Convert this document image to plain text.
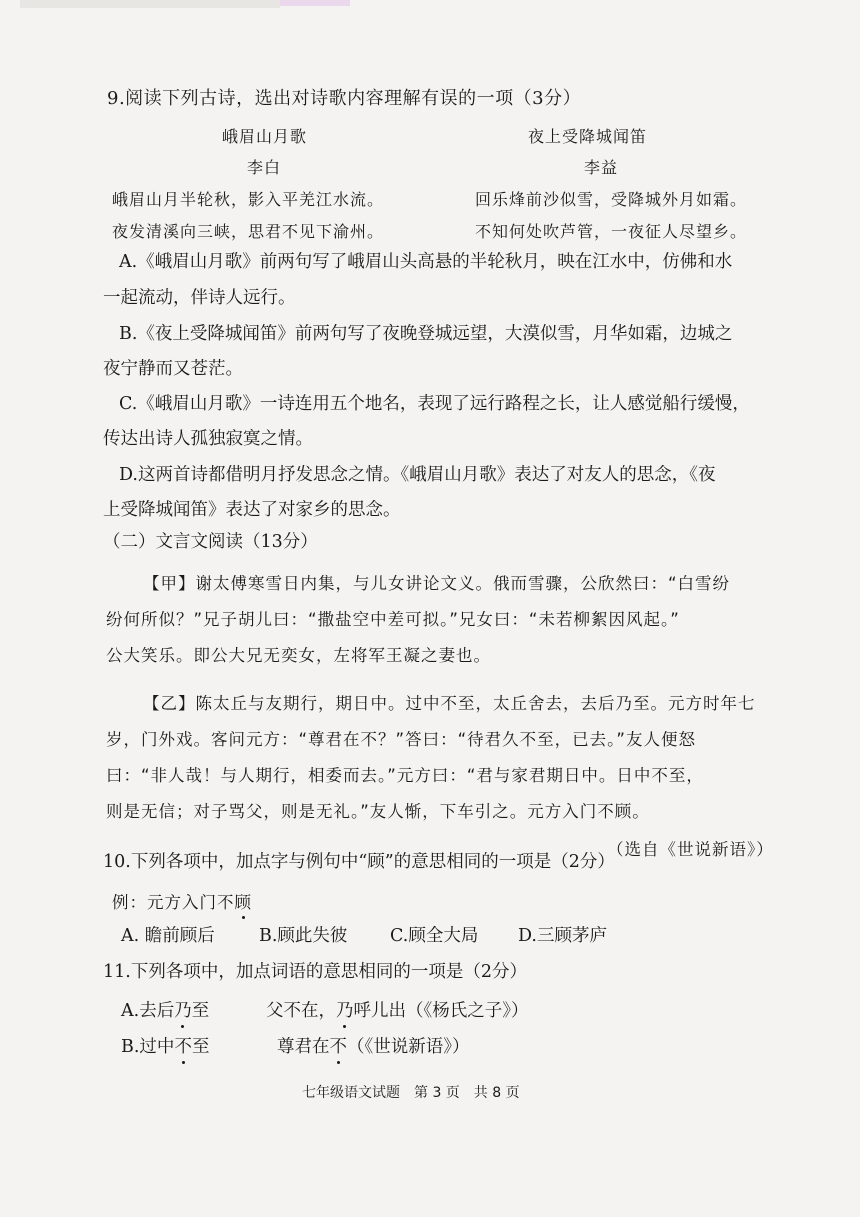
9.阅读下列古诗，选出对诗歌内容理解有误的一项（3分）
峨眉山月歌	夜上受降城闻笛
李白	李益
峨眉山月半轮秋，影入平羌江水流。	回乐烽前沙似雪，受降城外月如霜。
夜发清溪向三峡，思君不见下渝州。	不知何处吹芦管，一夜征人尽望乡。
A.《峨眉山月歌》前两句写了峨眉山头高悬的半轮秋月，映在江水中，仿佛和水
一起流动，伴诗人远行。
B.《夜上受降城闻笛》前两句写了夜晚登城远望，大漠似雪，月华如霜，边城之
夜宁静而又苍茫。
C.《峨眉山月歌》一诗连用五个地名，表现了远行路程之长，让人感觉船行缓慢，
传达出诗人孤独寂寞之情。
D.这两首诗都借明月抒发思念之情。《峨眉山月歌》表达了对友人的思念，《夜
上受降城闻笛》表达了对家乡的思念。
（二）文言文阅读（13分）
【甲】谢太傅寒雪日内集，与儿女讲论文义。俄而雪骤，公欣然曰：“白雪纷
纷何所似？”兄子胡儿曰：“撒盐空中差可拟。”兄女曰：“未若柳絮因风起。”
公大笑乐。即公大兄无奕女，左将军王凝之妻也。
【乙】陈太丘与友期行，期日中。过中不至，太丘舍去，去后乃至。元方时年七
岁，门外戏。客问元方：“尊君在不？”答曰：“待君久不至，已去。”友人便怒
曰：“非人哉！与人期行，相委而去。”元方曰：“君与家君期日中。日中不至，
则是无信；对子骂父，则是无礼。”友人惭，下车引之。元方入门不顾。
（选自《世说新语》）
10.下列各项中，加点字与例句中“顾”的意思相同的一项是（2分）
例：元方入门不顾
A. 瞻前顾后	B.顾此失彼 C.顾全大局 D.三顾茅庐
11.下列各项中，加点词语的意思相同的一项是（2分）
A.去后乃至	父不在，乃呼儿出（《杨氏之子》）
B.过中不至	尊君在不（《世说新语》）
七年级语文试题　第 3 页　共 8 页
